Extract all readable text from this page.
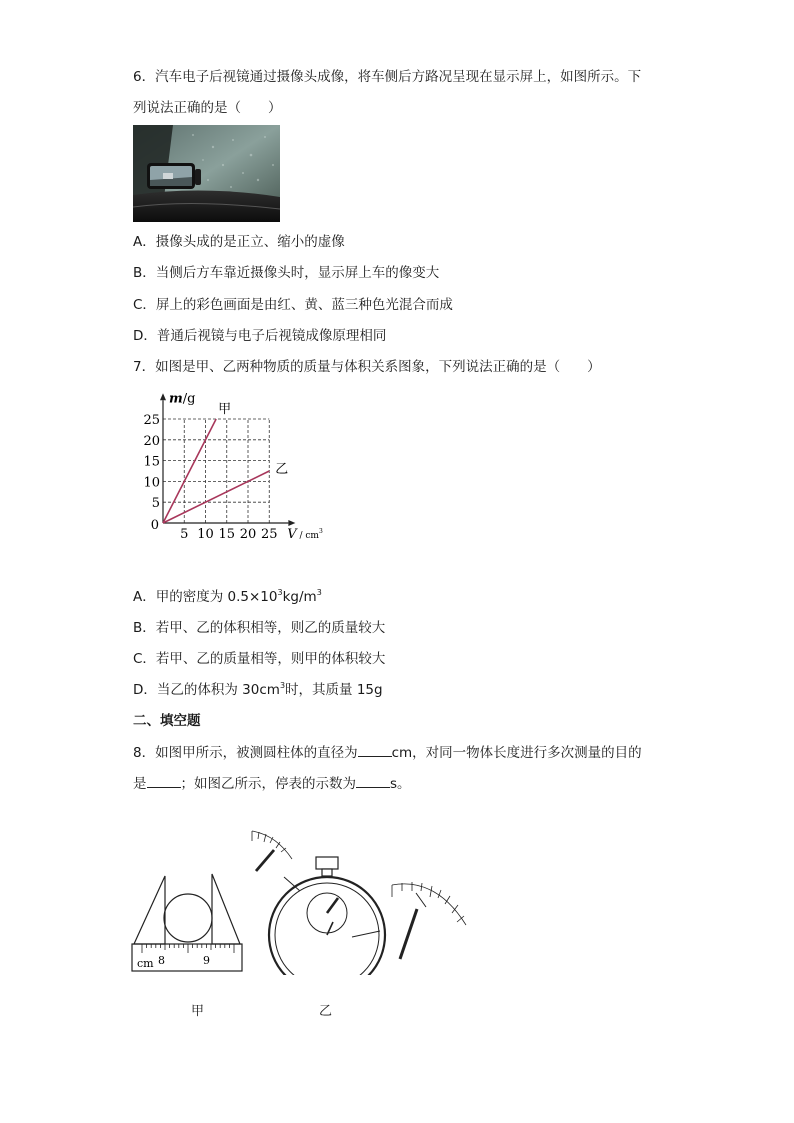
6．汽车电子后视镜通过摄像头成像，将车侧后方路况呈现在显示屏上，如图所示。下
列说法正确的是（　　）
A．摄像头成的是正立、缩小的虚像
B．当侧后方车靠近摄像头时，显示屏上车的像变大
C．屏上的彩色画面是由红、黄、蓝三种色光混合而成
D．普通后视镜与电子后视镜成像原理相同
7．如图是甲、乙两种物质的质量与体积关系图象，下列说法正确的是（　　）
甲
乙
5 10 15 20 25
5
10
15
20
25
0
m/g
V / $cm^3$
A．甲的密度为 $0.5\times 10^3kg/m^3$
B．若甲、乙的体积相等，则乙的质量较大
C．若甲、乙的质量相等，则甲的体积较大
D．当乙的体积为 $30cm^3$时，其质量 15g
二、填空题
8．如图甲所示，被测圆柱体的直径为	cm，对同一物体长度进行多次测量的目的
是	；如图乙所示，停表的示数为	s。
cm 8	9
甲	乙
